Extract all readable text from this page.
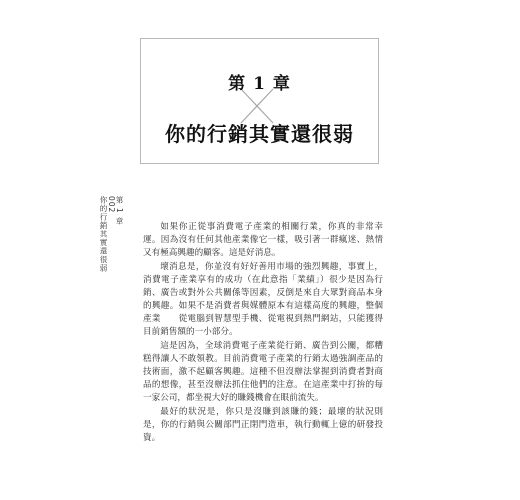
第 1 章
你的行銷其實還很弱
第 1 章
002
你的行銷其實還很弱	如果你正從事消費電子產業的相關行業，你真的非常幸運。因為沒有任何其他產業像它一樣，吸引著一群瘋迷、熱情又有極高興趣的顧客。這是好消息。

壞消息是，你並沒有好好善用市場的強烈興趣，事實上，消費電子產業享有的成功（在此意指「業績」）很少是因為行銷、廣告或對外公共關係等因素，反倒是來自大眾對商品本身的興趣。如果不是消費者與媒體原本有這樣高度的興趣，整個產業　　從電腦到智慧型手機、從電視到熱門網站，只能獲得目前銷售額的一小部分。

這是因為，全球消費電子產業從行銷、廣告到公關，都糟糕得讓人不敢領教。目前消費電子產業的行銷太過強調產品的技術面，激不起顧客興趣。這種不但沒辦法掌握到消費者對商品的想像，甚至沒辦法抓住他們的注意。在這產業中打拚的每一家公司，都坐視大好的賺錢機會在眼前流失。

最好的狀況是，你只是沒賺到該賺的錢；最壞的狀況則是，你的行銷與公關部門正閉門造車，執行動輒上億的研發投資。
